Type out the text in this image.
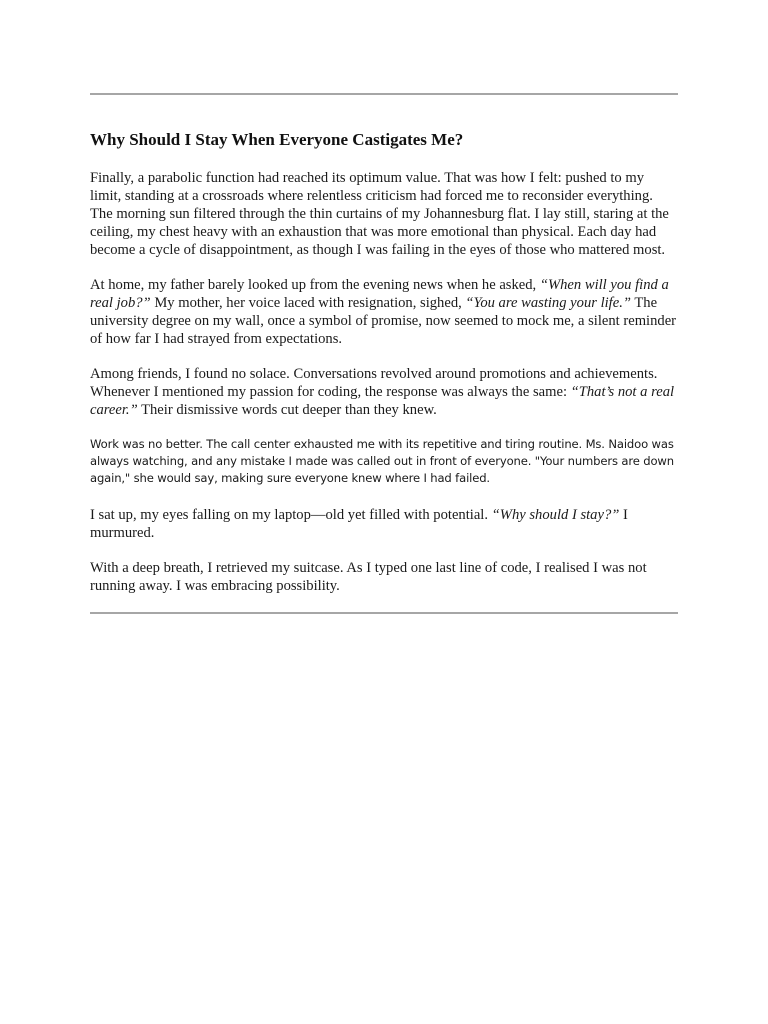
Why Should I Stay When Everyone Castigates Me?

Finally, a parabolic function had reached its optimum value. That was how I felt: pushed to my limit, standing at a crossroads where relentless criticism had forced me to reconsider everything. The morning sun filtered through the thin curtains of my Johannesburg flat. I lay still, staring at the ceiling, my chest heavy with an exhaustion that was more emotional than physical. Each day had become a cycle of disappointment, as though I was failing in the eyes of those who mattered most.

At home, my father barely looked up from the evening news when he asked, “When will you find a real job?” My mother, her voice laced with resignation, sighed, “You are wasting your life.” The university degree on my wall, once a symbol of promise, now seemed to mock me, a silent reminder of how far I had strayed from expectations.

Among friends, I found no solace. Conversations revolved around promotions and achievements. Whenever I mentioned my passion for coding, the response was always the same: “That’s not a real career.” Their dismissive words cut deeper than they knew.

Work was no better. The call center exhausted me with its repetitive and tiring routine. Ms. Naidoo was always watching, and any mistake I made was called out in front of everyone. "Your numbers are down again," she would say, making sure everyone knew where I had failed.

I sat up, my eyes falling on my laptop—old yet filled with potential. “Why should I stay?” I murmured.

With a deep breath, I retrieved my suitcase. As I typed one last line of code, I realised I was not running away. I was embracing possibility.
